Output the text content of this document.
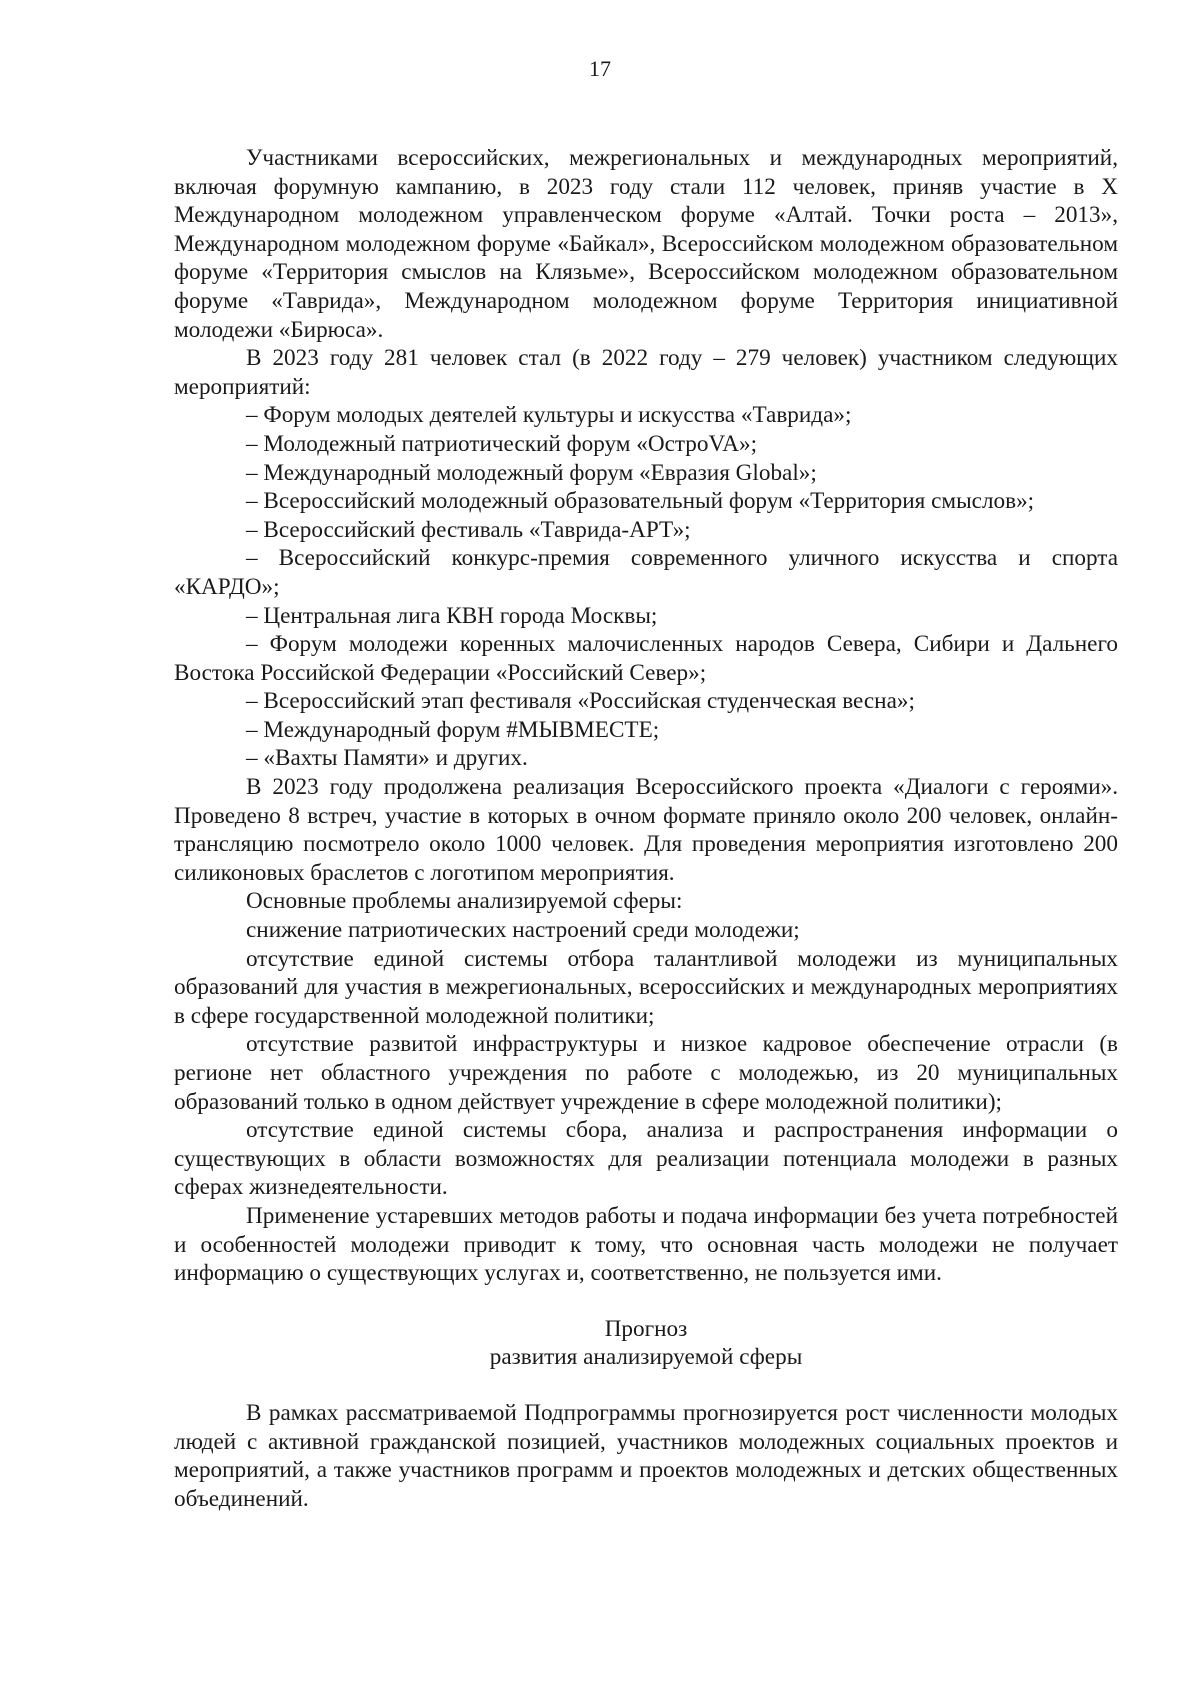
17

Участниками всероссийских, межрегиональных и международных мероприятий, включая форумную кампанию, в 2023 году стали 112 человек, приняв участие в X Международном молодежном управленческом форуме «Алтай. Точки роста – 2013», Международном молодежном форуме «Байкал», Всероссийском молодежном образовательном форуме «Территория смыслов на Клязьме», Всероссийском молодежном образовательном форуме «Таврида», Международном молодежном форуме Территория инициативной молодежи «Бирюса».

В 2023 году 281 человек стал (в 2022 году – 279 человек) участником следующих мероприятий:

– Форум молодых деятелей культуры и искусства «Таврида»;

– Молодежный патриотический форум «ОстроVA»;

– Международный молодежный форум «Евразия Global»;

– Всероссийский молодежный образовательный форум «Территория смыслов»;

– Всероссийский фестиваль «Таврида-АРТ»;

– Всероссийский конкурс-премия современного уличного искусства и спорта «КАРДО»;

– Центральная лига КВН города Москвы;

– Форум молодежи коренных малочисленных народов Севера, Сибири и Дальнего Востока Российской Федерации «Российский Север»;

– Всероссийский этап фестиваля «Российская студенческая весна»;

– Международный форум #МЫВМЕСТЕ;

– «Вахты Памяти» и других.

В 2023 году продолжена реализация Всероссийского проекта «Диалоги с героями». Проведено 8 встреч, участие в которых в очном формате приняло около 200 человек, онлайн-трансляцию посмотрело около 1000 человек. Для проведения мероприятия изготовлено 200 силиконовых браслетов с логотипом мероприятия.

Основные проблемы анализируемой сферы:

снижение патриотических настроений среди молодежи;

отсутствие единой системы отбора талантливой молодежи из муниципальных образований для участия в межрегиональных, всероссийских и международных мероприятиях в сфере государственной молодежной политики;

отсутствие развитой инфраструктуры и низкое кадровое обеспечение отрасли (в регионе нет областного учреждения по работе с молодежью, из 20 муниципальных образований только в одном действует учреждение в сфере молодежной политики);

отсутствие единой системы сбора, анализа и распространения информации о существующих в области возможностях для реализации потенциала молодежи в разных сферах жизнедеятельности.

Применение устаревших методов работы и подача информации без учета потребностей и особенностей молодежи приводит к тому, что основная часть молодежи не получает информацию о существующих услугах и, соответственно, не пользуется ими.

Прогноз

развития анализируемой сферы

В рамках рассматриваемой Подпрограммы прогнозируется рост численности молодых людей с активной гражданской позицией, участников молодежных социальных проектов и мероприятий, а также участников программ и проектов молодежных и детских общественных объединений.
